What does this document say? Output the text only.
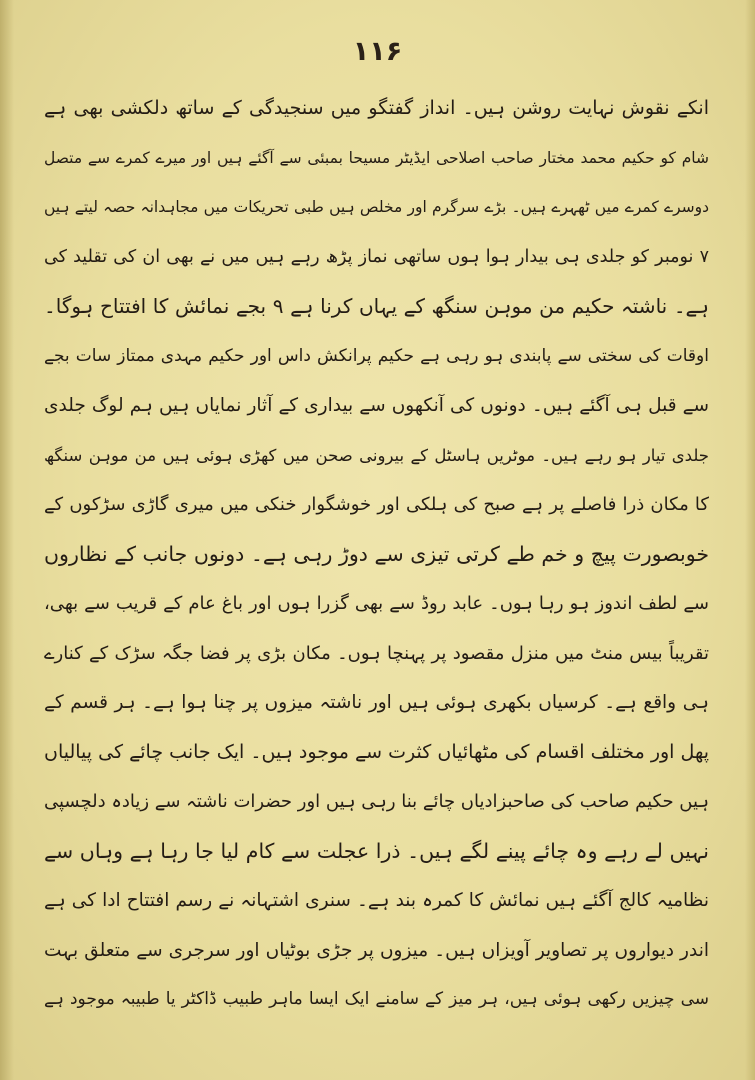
۱۱۶
انکے نقوش نہایت روشن ہیں۔ انداز گفتگو میں سنجیدگی کے ساتھ دلکشی بھی ہے
شام کو حکیم محمد مختار صاحب اصلاحی ایڈیٹر مسیحا بمبئی سے آگئے ہیں اور میرے کمرے سے متصل
دوسرے کمرے میں ٹھہرے ہیں۔ بڑے سرگرم اور مخلص ہیں طبی تحریکات میں مجاہدانہ حصہ لیتے ہیں
۷ نومبر کو جلدی ہی بیدار ہوا ہوں ساتھی نماز پڑھ رہے ہیں میں نے بھی ان کی تقلید کی
ہے۔ ناشتہ حکیم من موہن سنگھ کے یہاں کرنا ہے ۹ بجے نمائش کا افتتاح ہوگا۔
اوقات کی سختی سے پابندی ہو رہی ہے حکیم پرانکش داس اور حکیم مہدی ممتاز سات بجے
سے قبل ہی آگئے ہیں۔ دونوں کی آنکھوں سے بیداری کے آثار نمایاں ہیں ہم لوگ جلدی
جلدی تیار ہو رہے ہیں۔ موٹریں ہاسٹل کے بیرونی صحن میں کھڑی ہوئی ہیں من موہن سنگھ
کا مکان ذرا فاصلے پر ہے صبح کی ہلکی اور خوشگوار خنکی میں میری گاڑی سڑکوں کے
خوبصورت پیچ و خم طے کرتی تیزی سے دوڑ رہی ہے۔ دونوں جانب کے نظاروں
سے لطف اندوز ہو رہا ہوں۔ عابد روڈ سے بھی گزرا ہوں اور باغ عام کے قریب سے بھی،
تقریباً بیس منٹ میں منزل مقصود پر پہنچا ہوں۔ مکان بڑی پر فضا جگہ سڑک کے کنارے
ہی واقع ہے۔ کرسیاں بکھری ہوئی ہیں اور ناشتہ میزوں پر چنا ہوا ہے۔ ہر قسم کے
پھل اور مختلف اقسام کی مٹھائیاں کثرت سے موجود ہیں۔ ایک جانب چائے کی پیالیاں
ہیں حکیم صاحب کی صاحبزادیاں چائے بنا رہی ہیں اور حضرات ناشتہ سے زیادہ دلچسپی
نہیں لے رہے وہ چائے پینے لگے ہیں۔ ذرا عجلت سے کام لیا جا رہا ہے وہاں سے
نظامیہ کالج آگئے ہیں نمائش کا کمرہ بند ہے۔ سنری اشتہانہ نے رسم افتتاح ادا کی ہے
اندر دیواروں پر تصاویر آویزاں ہیں۔ میزوں پر جڑی بوٹیاں اور سرجری سے متعلق بہت
سی چیزیں رکھی ہوئی ہیں، ہر میز کے سامنے ایک ایسا ماہر طبیب ڈاکٹر یا طبیبہ موجود ہے
